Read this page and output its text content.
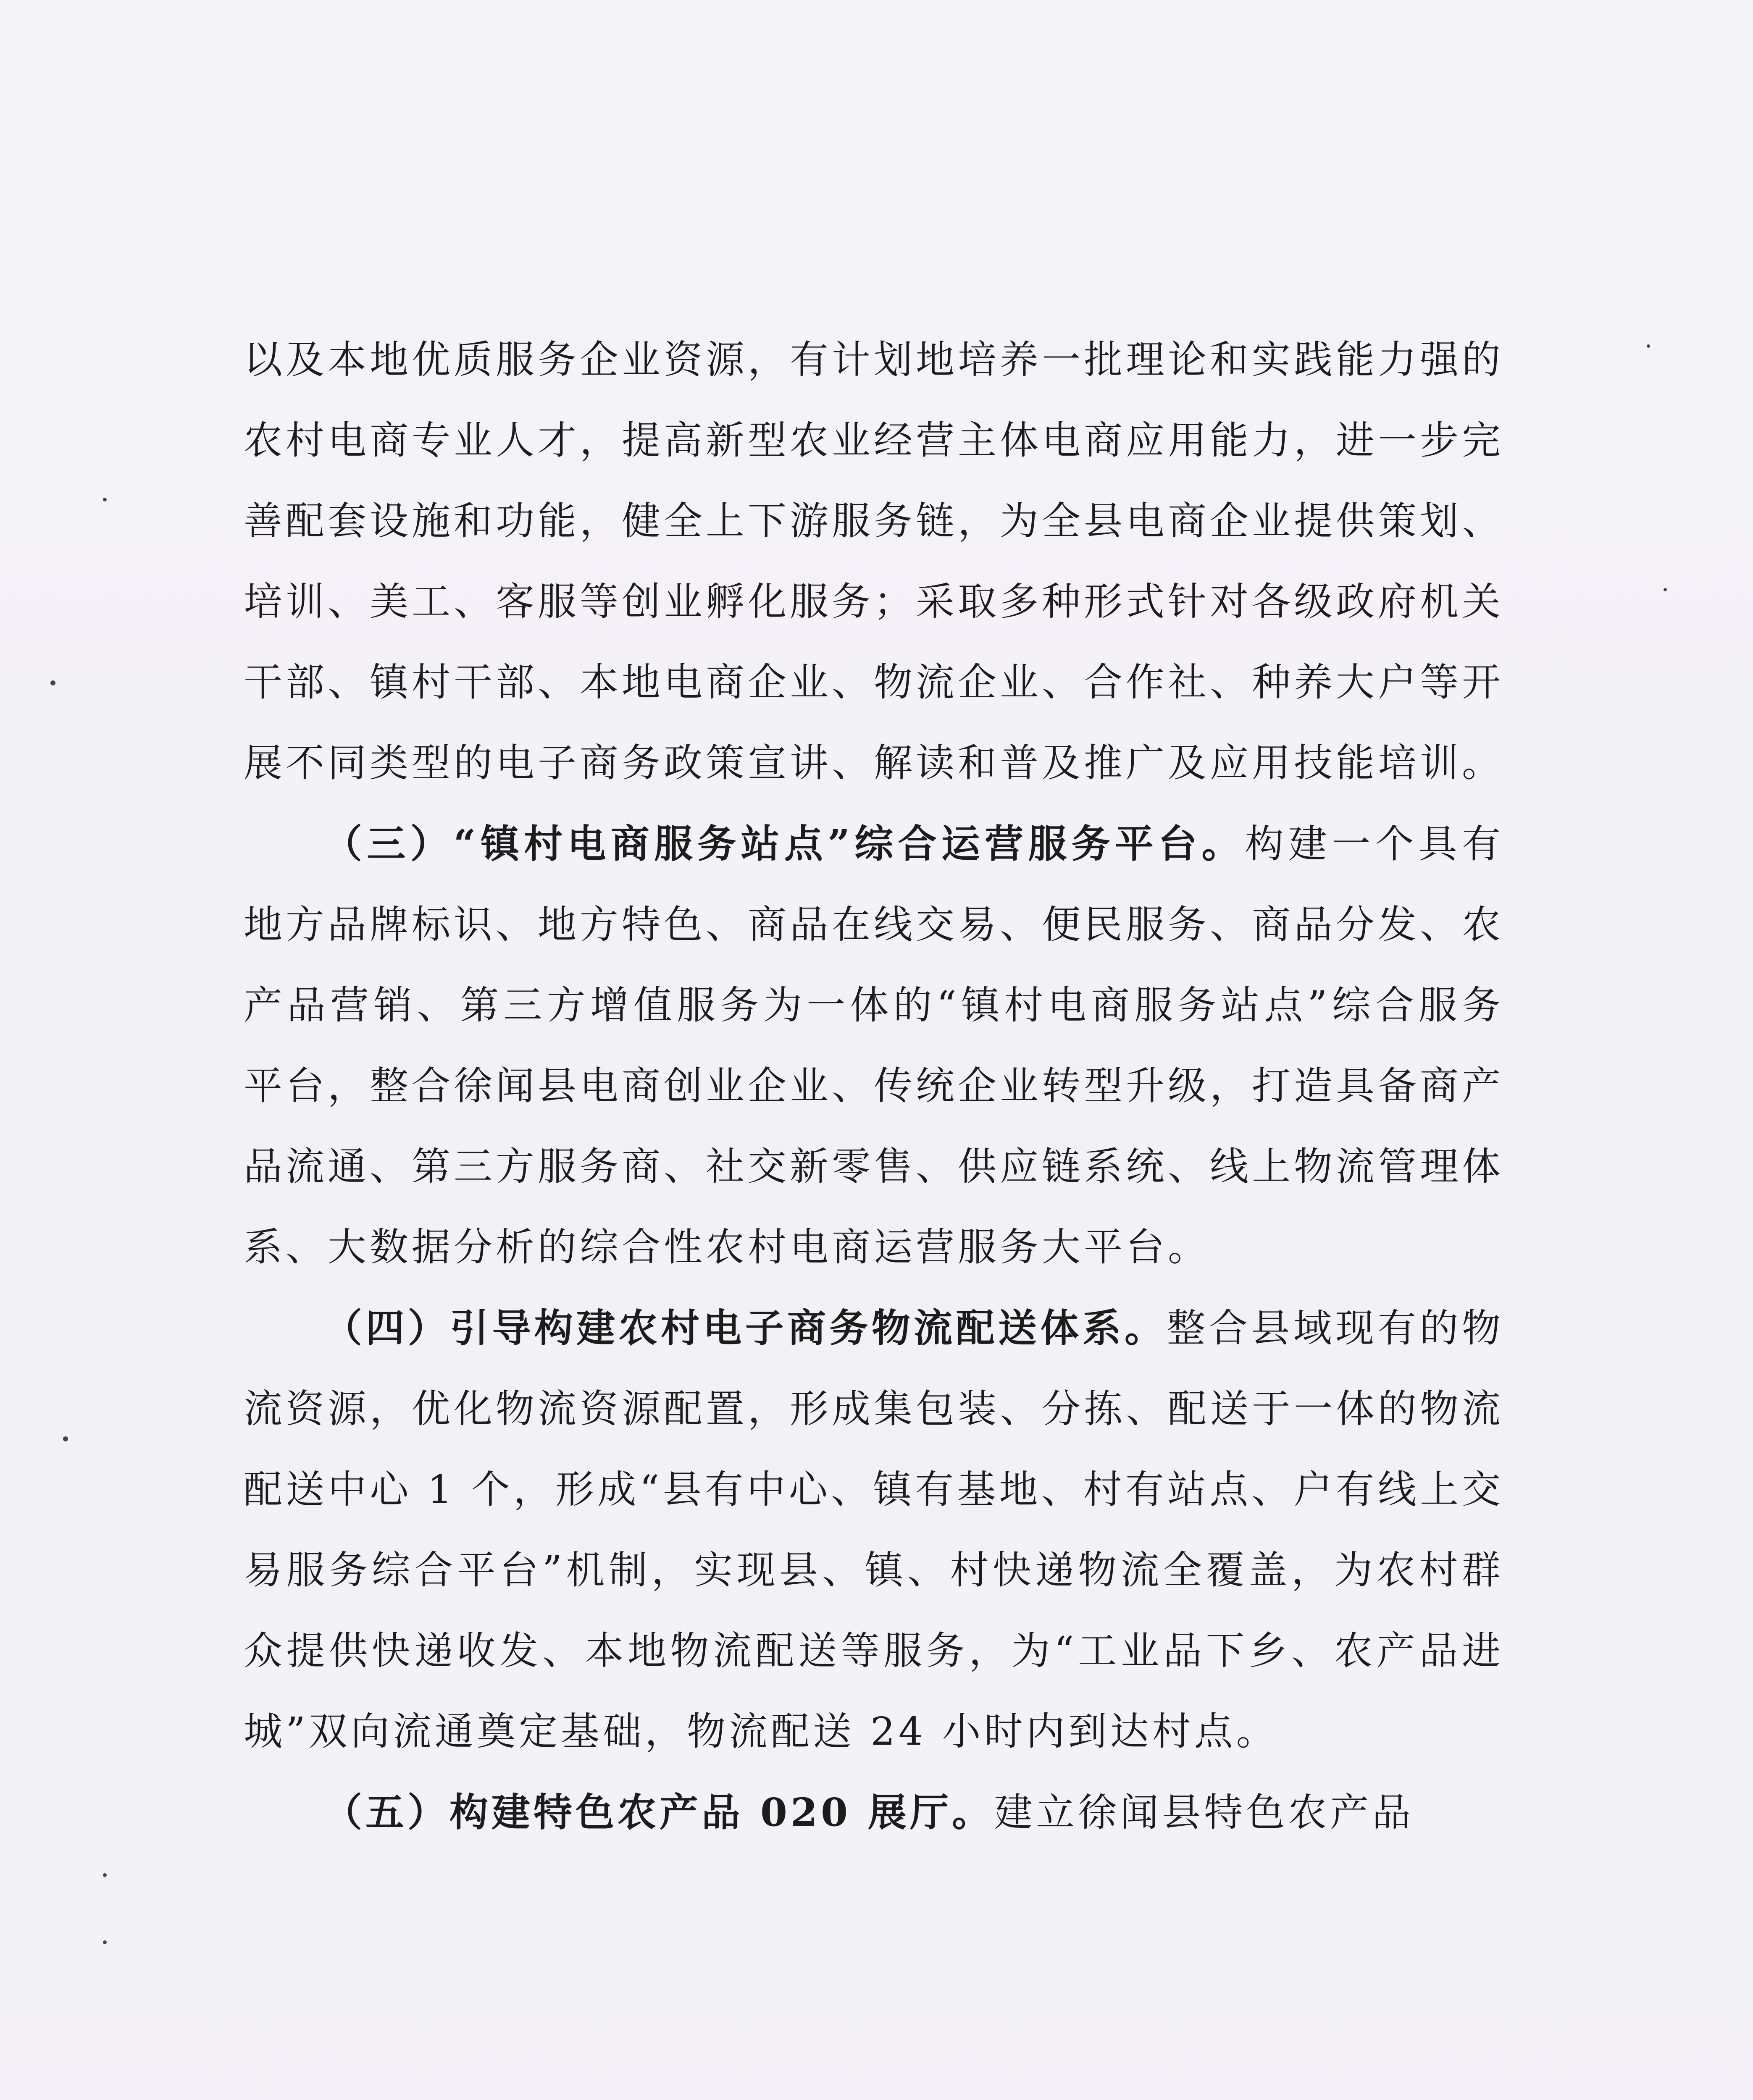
以及本地优质服务企业资源，有计划地培养一批理论和实践能力强的农村电商专业人才，提高新型农业经营主体电商应用能力，进一步完善配套设施和功能，健全上下游服务链，为全县电商企业提供策划、培训、美工、客服等创业孵化服务；采取多种形式针对各级政府机关干部、镇村干部、本地电商企业、物流企业、合作社、种养大户等开展不同类型的电子商务政策宣讲、解读和普及推广及应用技能培训。

（三）“镇村电商服务站点”综合运营服务平台。构建一个具有地方品牌标识、地方特色、商品在线交易、便民服务、商品分发、农产品营销、第三方增值服务为一体的“镇村电商服务站点”综合服务平台，整合徐闻县电商创业企业、传统企业转型升级，打造具备商产品流通、第三方服务商、社交新零售、供应链系统、线上物流管理体系、大数据分析的综合性农村电商运营服务大平台。

（四）引导构建农村电子商务物流配送体系。整合县域现有的物流资源，优化物流资源配置，形成集包装、分拣、配送于一体的物流配送中心 1 个，形成“县有中心、镇有基地、村有站点、户有线上交易服务综合平台”机制，实现县、镇、村快递物流全覆盖，为农村群众提供快递收发、本地物流配送等服务，为“工业品下乡、农产品进城”双向流通奠定基础，物流配送 24 小时内到达村点。

（五）构建特色农产品 020 展厅。建立徐闻县特色农产品
